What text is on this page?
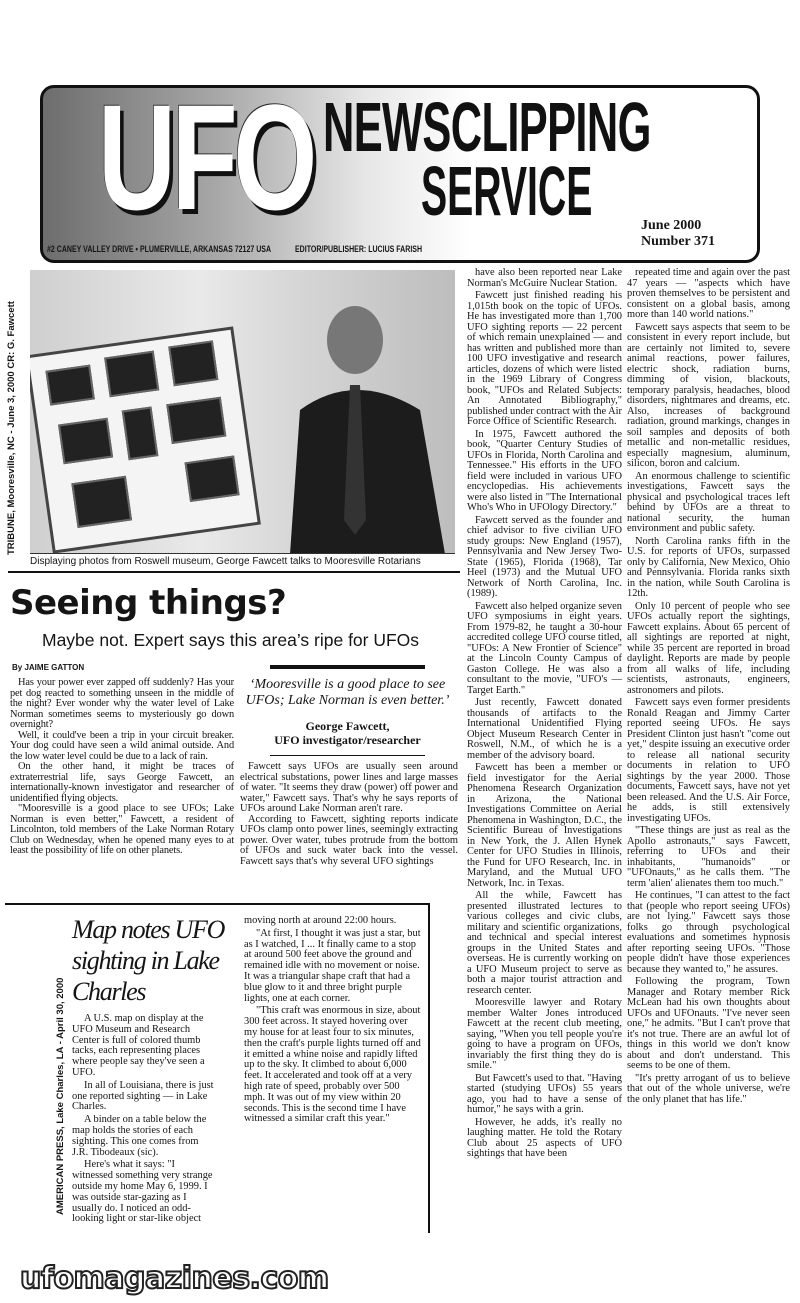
UFO NEWSCLIPPING
SERVICE
#2 CANEY VALLEY DRIVE • PLUMERVILLE, ARKANSAS 72127 USA	EDITOR/PUBLISHER: LUCIUS FARISH
June 2000
Number 371
TRIBUNE, Mooresville, NC - June 3, 2000 CR: G. Fawcett
Displaying photos from Roswell museum, George Fawcett talks to Mooresville Rotarians
Seeing things?
Maybe not. Expert says this area’s ripe for UFOs
By JAIME GATTON

Has your power ever zapped off suddenly? Has your pet dog reacted to something unseen in the middle of the night? Ever wonder why the water level of Lake Norman sometimes seems to mysteriously go down overnight?

Well, it could've been a trip in your circuit breaker. Your dog could have seen a wild animal outside. And the low water level could be due to a lack of rain.

On the other hand, it might be traces of extraterrestrial life, says George Fawcett, an internationally-known investigator and researcher of unidentified flying objects.

"Mooresville is a good place to see UFOs; Lake Norman is even better," Fawcett, a resident of Lincolnton, told members of the Lake Norman Rotary Club on Wednesday, when he opened many eyes to at least the possibility of life on other planets.

‘Mooresville is a good place to see UFOs; Lake Norman is even better.’
George Fawcett,
UFO investigator/researcher

Fawcett says UFOs are usually seen around electrical substations, power lines and large masses of water. "It seems they draw (power) off power and water," Fawcett says. That's why he says reports of UFOs around Lake Norman aren't rare.

According to Fawcett, sighting reports indicate UFOs clamp onto power lines, seemingly extracting power. Over water, tubes protrude from the bottom of UFOs and suck water back into the vessel. Fawcett says that's why several UFO sightings

have also been reported near Lake Norman's McGuire Nuclear Station.

Fawcett just finished reading his 1,015th book on the topic of UFOs. He has investigated more than 1,700 UFO sighting reports — 22 percent of which remain unexplained — and has written and published more than 100 UFO investigative and research articles, dozens of which were listed in the 1969 Library of Congress book, "UFOs and Related Subjects: An Annotated Bibliography," published under contract with the Air Force Office of Scientific Research.

In 1975, Fawcett authored the book, "Quarter Century Studies of UFOs in Florida, North Carolina and Tennessee." His efforts in the UFO field were included in various UFO encyclopedias. His achievements were also listed in "The International Who's Who in UFOlogy Directory."

Fawcett served as the founder and chief advisor to five civilian UFO study groups: New England (1957), Pennsylvania and New Jersey Two-State (1965), Florida (1968), Tar Heel (1973) and the Mutual UFO Network of North Carolina, Inc. (1989).

Fawcett also helped organize seven UFO symposiums in eight years. From 1979-82, he taught a 30-hour accredited college UFO course titled, "UFOs: A New Frontier of Science" at the Lincoln County Campus of Gaston College. He was also a consultant to the movie, "UFO's — Target Earth."

Just recently, Fawcett donated thousands of artifacts to the International Unidentified Flying Object Museum Research Center in Roswell, N.M., of which he is a member of the advisory board.

Fawcett has been a member or field investigator for the Aerial Phenomena Research Organization in Arizona, the National Investigations Committee on Aerial Phenomena in Washington, D.C., the Scientific Bureau of Investigations in New York, the J. Allen Hynek Center for UFO Studies in Illinois, the Fund for UFO Research, Inc. in Maryland, and the Mutual UFO Network, Inc. in Texas.

All the while, Fawcett has presented illustrated lectures to various colleges and civic clubs, military and scientific organizations, and technical and special interest groups in the United States and overseas. He is currently working on a UFO Museum project to serve as both a major tourist attraction and research center.

Mooresville lawyer and Rotary member Walter Jones introduced Fawcett at the recent club meeting, saying, "When you tell people you're going to have a program on UFOs, invariably the first thing they do is smile."

But Fawcett's used to that. "Having started (studying UFOs) 55 years ago, you had to have a sense of humor," he says with a grin.

However, he adds, it's really no laughing matter. He told the Rotary Club about 25 aspects of UFO sightings that have been

repeated time and again over the past 47 years — "aspects which have proven themselves to be persistent and consistent on a global basis, among more than 140 world nations."

Fawcett says aspects that seem to be consistent in every report include, but are certainly not limited to, severe animal reactions, power failures, electric shock, radiation burns, dimming of vision, blackouts, temporary paralysis, headaches, blood disorders, nightmares and dreams, etc. Also, increases of background radiation, ground markings, changes in soil samples and deposits of both metallic and non-metallic residues, especially magnesium, aluminum, silicon, boron and calcium.

An enormous challenge to scientific investigations, Fawcett says the physical and psychological traces left behind by UFOs are a threat to national security, the human environment and public safety.

North Carolina ranks fifth in the U.S. for reports of UFOs, surpassed only by California, New Mexico, Ohio and Pennsylvania. Florida ranks sixth in the nation, while South Carolina is 12th.

Only 10 percent of people who see UFOs actually report the sightings, Fawcett explains. About 65 percent of all sightings are reported at night, while 35 percent are reported in broad daylight. Reports are made by people from all walks of life, including scientists, astronauts, engineers, astronomers and pilots.

Fawcett says even former presidents Ronald Reagan and Jimmy Carter reported seeing UFOs. He says President Clinton just hasn't "come out yet," despite issuing an executive order to release all national security documents in relation to UFO sightings by the year 2000. Those documents, Fawcett says, have not yet been released. And the U.S. Air Force, he adds, is still extensively investigating UFOs.

"These things are just as real as the Apollo astronauts," says Fawcett, referring to UFOs and their inhabitants, "humanoids" or "UFOnauts," as he calls them. "The term 'alien' alienates them too much."

He continues, "I can attest to the fact that (people who report seeing UFOs) are not lying." Fawcett says those folks go through psychological evaluations and sometimes hypnosis after reporting seeing UFOs. "Those people didn't have those experiences because they wanted to," he assures.

Following the program, Town Manager and Rotary member Rick McLean had his own thoughts about UFOs and UFOnauts. "I've never seen one," he admits. "But I can't prove that it's not true. There are an awful lot of things in this world we don't know about and don't understand. This seems to be one of them.

"It's pretty arrogant of us to believe that out of the whole universe, we're the only planet that has life."

AMERICAN PRESS, Lake Charles, LA - April 30, 2000
Map notes UFO sighting in Lake Charles

A U.S. map on display at the UFO Museum and Research Center is full of colored thumb tacks, each representing places where people say they've seen a UFO.

In all of Louisiana, there is just one reported sighting — in Lake Charles.

A binder on a table below the map holds the stories of each sighting. This one comes from J.R. Tibodeaux (sic).

Here's what it says: "I witnessed something very strange outside my home May 6, 1999. I was outside star-gazing as I usually do. I noticed an odd-looking light or star-like object

moving north at around 22:00 hours.

"At first, I thought it was just a star, but as I watched, I ... It finally came to a stop at around 500 feet above the ground and remained idle with no movement or noise. It was a triangular shape craft that had a blue glow to it and three bright purple lights, one at each corner.

"This craft was enormous in size, about 300 feet across. It stayed hovering over my house for at least four to six minutes, then the craft's purple lights turned off and it emitted a whine noise and rapidly lifted up to the sky. It climbed to about 6,000 feet. It accelerated and took off at a very high rate of speed, probably over 500 mph. It was out of my view within 20 seconds. This is the second time I have witnessed a similar craft this year."

ufomagazines.com
